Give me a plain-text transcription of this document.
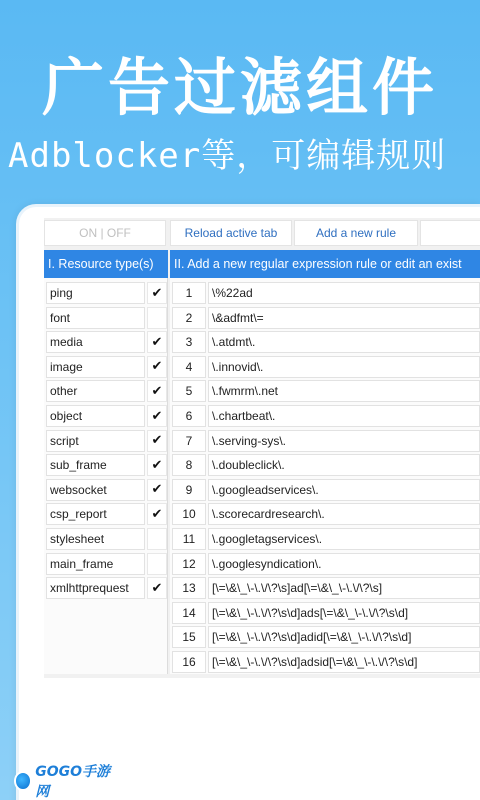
广告过滤组件
Adblocker等，可编辑规则
ON | OFF	Reload active tab	Add a new rule
I. Resource type(s)	II. Add a new regular expression rule or edit an exist
ping	✔
font
media	✔
image	✔
other	✔
object	✔
script	✔
sub_frame	✔
websocket	✔
csp_report	✔
stylesheet
main_frame
xmlhttprequest	✔
1	\%22ad
2	\&adfmt\=
3	\.atdmt\.
4	\.innovid\.
5	\.fwmrm\.net
6	\.chartbeat\.
7	\.serving-sys\.
8	\.doubleclick\.
9	\.googleadservices\.
10	\.scorecardresearch\.
11	\.googletagservices\.
12	\.googlesyndication\.
13	[\=\&\_\-\.\/\?\s]ad[\=\&\_\-\.\/\?\s]
14	[\=\&\_\-\.\/\?\s\d]ads[\=\&\_\-\.\/\?\s\d]
15	[\=\&\_\-\.\/\?\s\d]adid[\=\&\_\-\.\/\?\s\d]
16	[\=\&\_\-\.\/\?\s\d]adsid[\=\&\_\-\.\/\?\s\d]
GOGO手游网
